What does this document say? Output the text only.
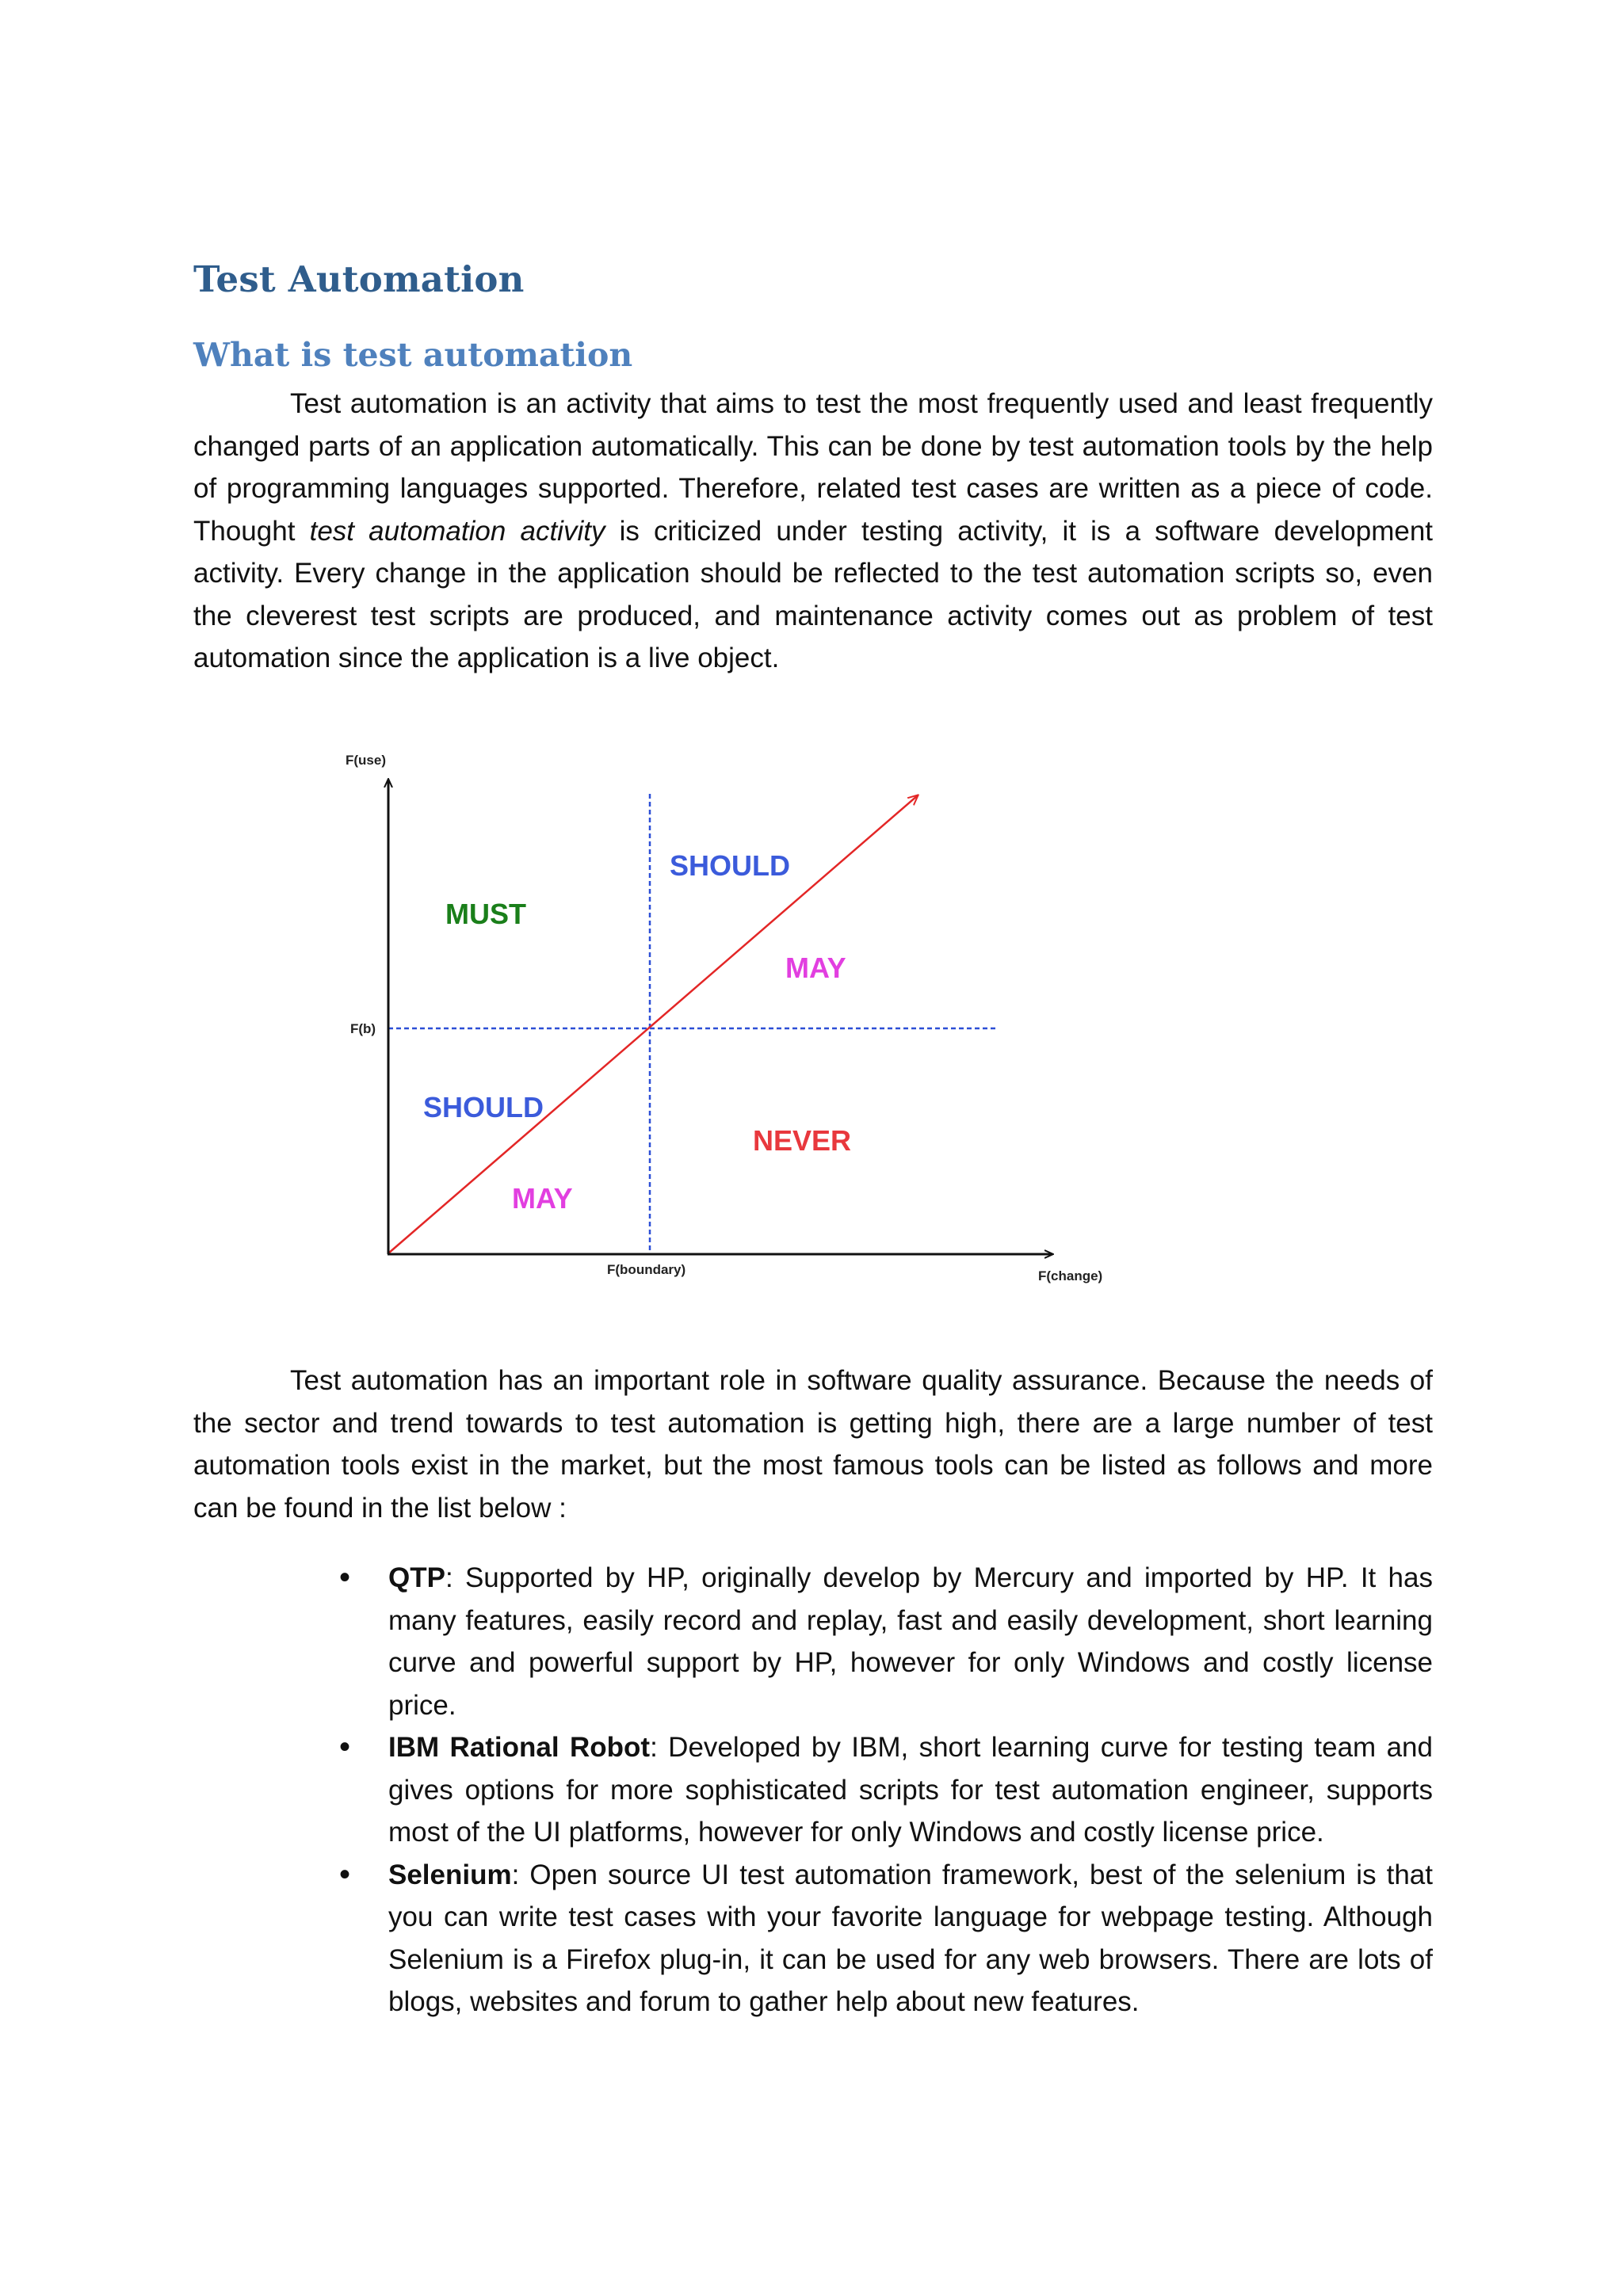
Test Automation
What is test automation

Test automation is an activity that aims to test the most frequently used and least frequently changed parts of an application automatically. This can be done by test automation tools by the help of programming languages supported. Therefore, related test cases are written as a piece of code. Thought test automation activity is criticized under testing activity, it is a software development activity. Every change in the application should be reflected to the test automation scripts so, even the cleverest test scripts are produced, and maintenance activity comes out as problem of test automation since the application is a live object.

F(use)
F(b)
F(boundary)	F(change)
MUST
SHOULD
MAY
SHOULD
MAY
NEVER

Test automation has an important role in software quality assurance. Because the needs of the sector and trend towards to test automation is getting high, there are a large number of test automation tools exist in the market, but the most famous tools can be listed as follows and more can be found in the list below :

• QTP: Supported by HP, originally develop by Mercury and imported by HP. It has many features, easily record and replay, fast and easily development, short learning curve and powerful support by HP, however for only Windows and costly license price.
• IBM Rational Robot: Developed by IBM, short learning curve for testing team and gives options for more sophisticated scripts for test automation engineer, supports most of the UI platforms, however for only Windows and costly license price.
• Selenium: Open source UI test automation framework, best of the selenium is that you can write test cases with your favorite language for webpage testing. Although Selenium is a Firefox plug-in, it can be used for any web browsers. There are lots of blogs, websites and forum to gather help about new features.
